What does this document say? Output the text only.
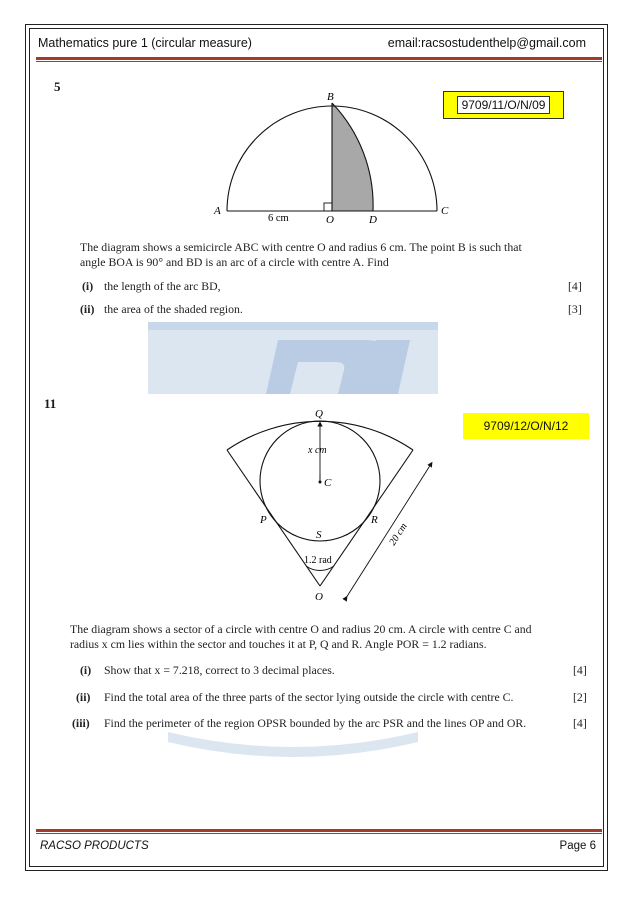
Mathematics pure 1 (circular measure)	email:racsostudenthelp@gmail.com
5
9709/11/O/N/09
A
B
C
O	D
6 cm
The diagram shows a semicircle ABC with centre O and radius 6 cm. The point B is such that
angle BOA is 90° and BD is an arc of a circle with centre A. Find
(i) the length of the arc BD,	[4]
(ii) the area of the shaded region.	[3]
11
9709/12/O/N/12
Q
x cm
C
P	R
S
1.2 rad
O
20 cm
The diagram shows a sector of a circle with centre O and radius 20 cm. A circle with centre C and
radius x cm lies within the sector and touches it at P, Q and R. Angle POR = 1.2 radians.
(i) Show that x = 7.218, correct to 3 decimal places.	[4]
(ii) Find the total area of the three parts of the sector lying outside the circle with centre C.	[2]
(iii) Find the perimeter of the region OPSR bounded by the arc PSR and the lines OP and OR.	[4]
RACSO PRODUCTS	Page 6
